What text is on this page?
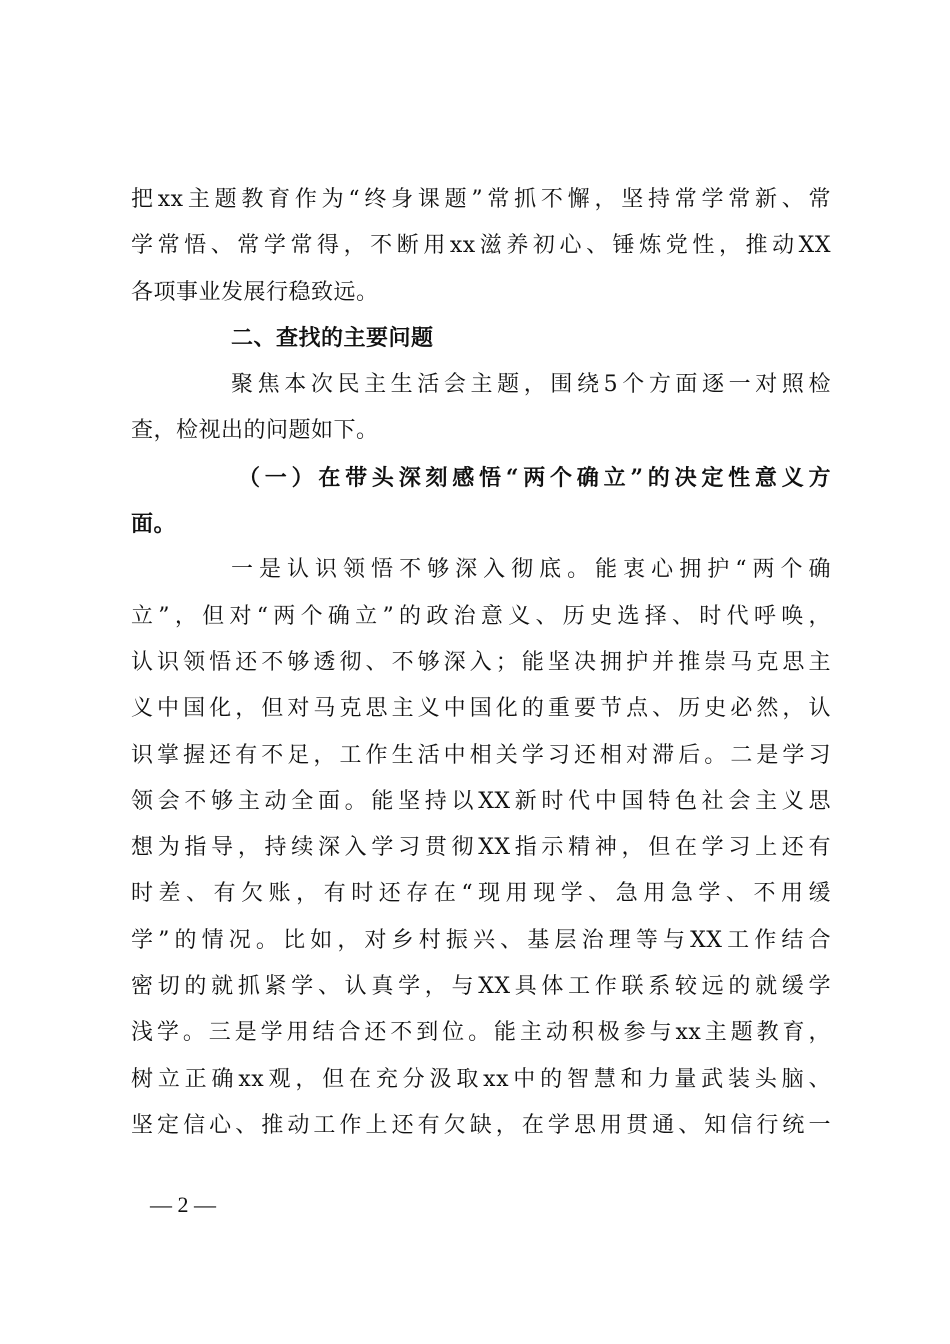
把xx主题教育作为“终身课题”常抓不懈，坚持常学常新、常
学常悟、常学常得，不断用xx滋养初心、锤炼党性，推动XX
各项事业发展行稳致远。
二、查找的主要问题
聚焦本次民主生活会主题，围绕5个方面逐一对照检
查，检视出的问题如下。
（一）在带头深刻感悟“两个确立”的决定性意义方
面。
一是认识领悟不够深入彻底。能衷心拥护“两个确
立”，但对“两个确立”的政治意义、历史选择、时代呼唤，
认识领悟还不够透彻、不够深入；能坚决拥护并推崇马克思主
义中国化，但对马克思主义中国化的重要节点、历史必然，认
识掌握还有不足，工作生活中相关学习还相对滞后。二是学习
领会不够主动全面。能坚持以XX新时代中国特色社会主义思
想为指导，持续深入学习贯彻XX指示精神，但在学习上还有
时差、有欠账，有时还存在“现用现学、急用急学、不用缓
学”的情况。比如，对乡村振兴、基层治理等与XX工作结合
密切的就抓紧学、认真学，与XX具体工作联系较远的就缓学
浅学。三是学用结合还不到位。能主动积极参与xx主题教育，
树立正确xx观，但在充分汲取xx中的智慧和力量武装头脑、
坚定信心、推动工作上还有欠缺，在学思用贯通、知信行统一
— 2 —
